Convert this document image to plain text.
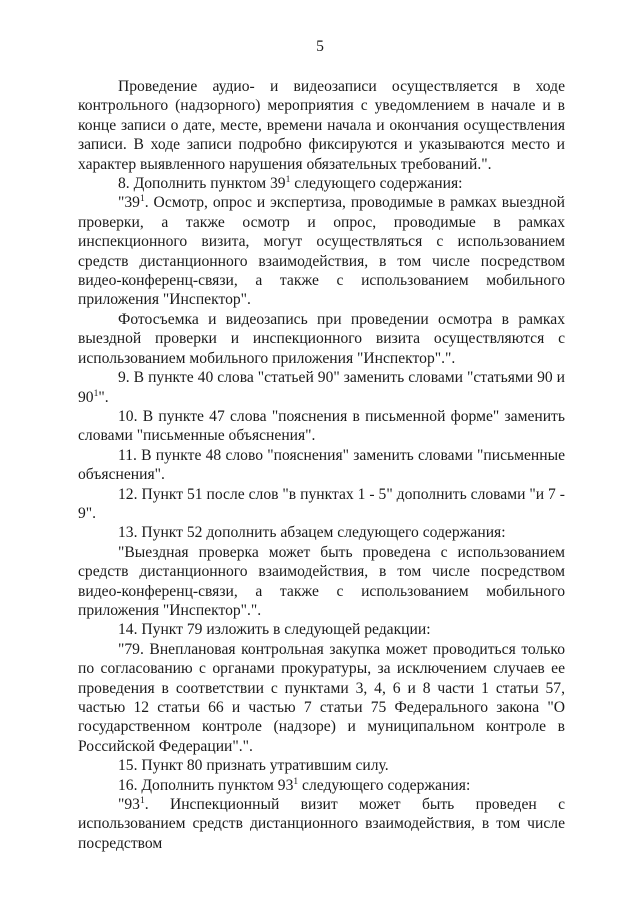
5

Проведение аудио- и видеозаписи осуществляется в ходе контрольного (надзорного) мероприятия с уведомлением в начале и в конце записи о дате, месте, времени начала и окончания осуществления записи. В ходе записи подробно фиксируются и указываются место и характер выявленного нарушения обязательных требований.".

8. Дополнить пунктом $39^1$ следующего содержания:

"$39^1$. Осмотр, опрос и экспертиза, проводимые в рамках выездной проверки, а также осмотр и опрос, проводимые в рамках инспекционного визита, могут осуществляться с использованием средств дистанционного взаимодействия, в том числе посредством видео-конференц-связи, а также с использованием мобильного приложения "Инспектор".

Фотосъемка и видеозапись при проведении осмотра в рамках выездной проверки и инспекционного визита осуществляются с использованием мобильного приложения "Инспектор".".

9. В пункте 40 слова "статьей 90" заменить словами "статьями 90 и $90^1$".

10. В пункте 47 слова "пояснения в письменной форме" заменить словами "письменные объяснения".

11. В пункте 48 слово "пояснения" заменить словами "письменные объяснения".

12. Пункт 51 после слов "в пунктах 1 - 5" дополнить словами "и 7 - 9".

13. Пункт 52 дополнить абзацем следующего содержания:

"Выездная проверка может быть проведена с использованием средств дистанционного взаимодействия, в том числе посредством видео-конференц-связи, а также с использованием мобильного приложения "Инспектор".".

14. Пункт 79 изложить в следующей редакции:

"79. Внеплановая контрольная закупка может проводиться только по согласованию с органами прокуратуры, за исключением случаев ее проведения в соответствии с пунктами 3, 4, 6 и 8 части 1 статьи 57, частью 12 статьи 66 и частью 7 статьи 75 Федерального закона "О государственном контроле (надзоре) и муниципальном контроле в Российской Федерации".".

15. Пункт 80 признать утратившим силу.

16. Дополнить пунктом $93^1$ следующего содержания:

"$93^1$. Инспекционный визит может быть проведен с использованием средств дистанционного взаимодействия, в том числе посредством
